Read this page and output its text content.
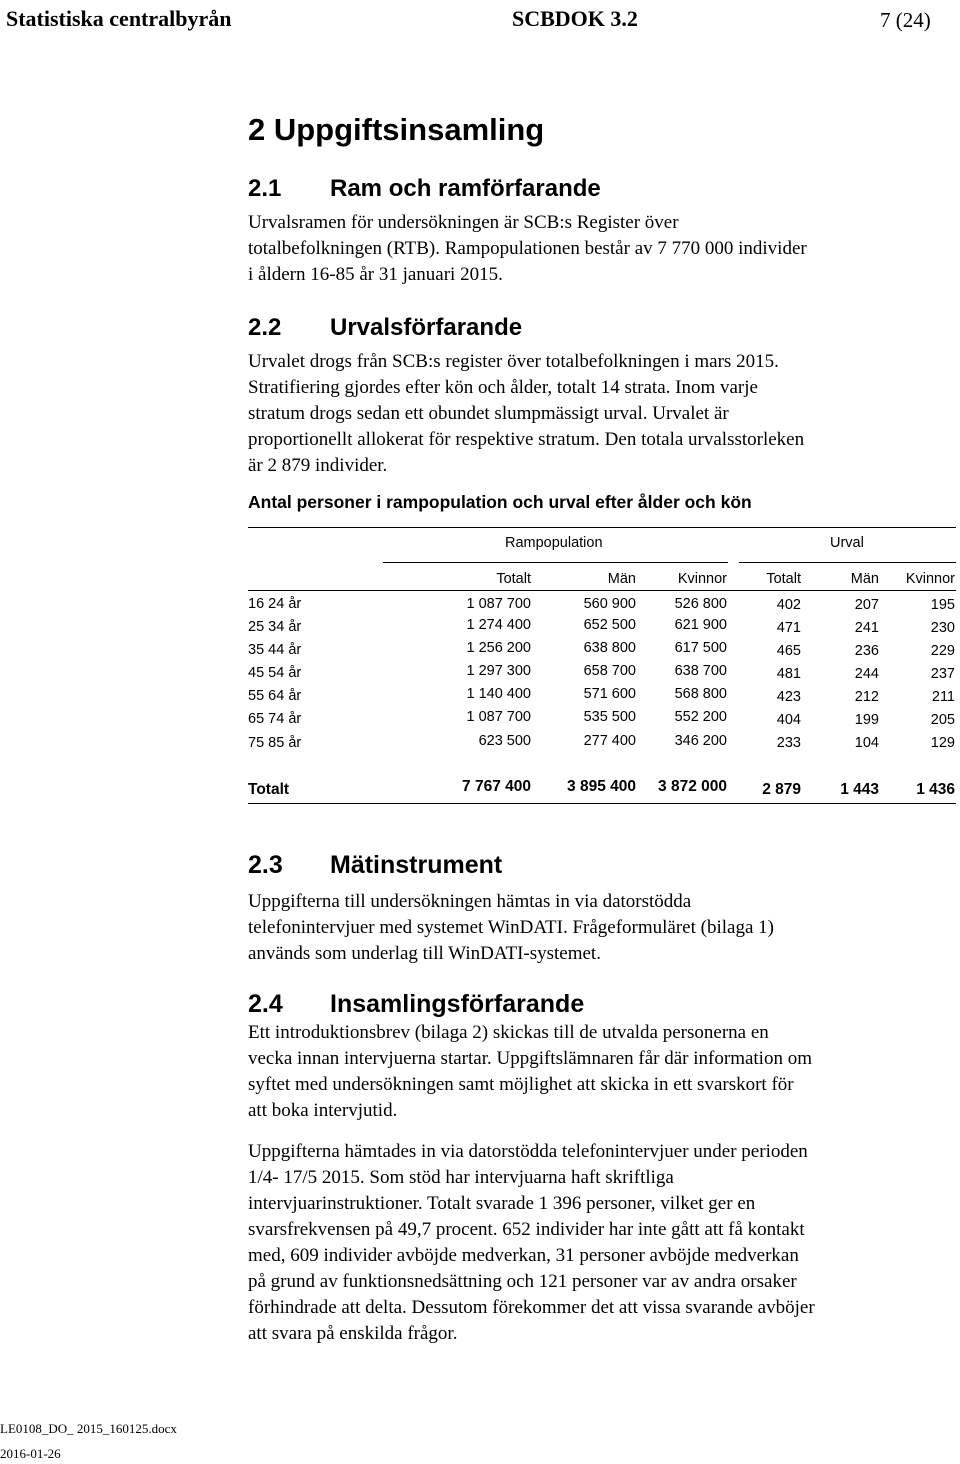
Statistiska centralbyrån	SCBDOK 3.2	7 (24)
2 Uppgiftsinsamling
2.1 Ram och ramförfarande
Urvalsramen för undersökningen är SCB:s Register över
totalbefolkningen (RTB). Rampopulationen består av 7 770 000 individer
i åldern 16-85 år 31 januari 2015.
2.2 Urvalsförfarande
Urvalet drogs från SCB:s register över totalbefolkningen i mars 2015.
Stratifiering gjordes efter kön och ålder, totalt 14 strata. Inom varje
stratum drogs sedan ett obundet slumpmässigt urval. Urvalet är
proportionellt allokerat för respektive stratum. Den totala urvalsstorleken
är 2 879 individer.
Antal personer i rampopulation och urval efter ålder och kön
Rampopulation	Urval
Totalt	Män	Kvinnor	Totalt	Män	Kvinnor
16 24 år	1 087 700	560 900	526 800	402	207	195
25 34 år	1 274 400	652 500	621 900	471	241	230
35 44 år	1 256 200	638 800	617 500	465	236	229
45 54 år	1 297 300	658 700	638 700	481	244	237
55 64 år	1 140 400	571 600	568 800	423	212	211
65 74 år	1 087 700	535 500	552 200	404	199	205
75 85 år	623 500	277 400	346 200	233	104	129
Totalt	7 767 400	3 895 400	3 872 000	2 879	1 443	1 436
2.3 Mätinstrument
Uppgifterna till undersökningen hämtas in via datorstödda
telefonintervjuer med systemet WinDATI. Frågeformuläret (bilaga 1)
används som underlag till WinDATI-systemet.
2.4 Insamlingsförfarande
Ett introduktionsbrev (bilaga 2) skickas till de utvalda personerna en
vecka innan intervjuerna startar. Uppgiftslämnaren får där information om
syftet med undersökningen samt möjlighet att skicka in ett svarskort för
att boka intervjutid.
Uppgifterna hämtades in via datorstödda telefonintervjuer under perioden
1/4- 17/5 2015. Som stöd har intervjuarna haft skriftliga
intervjuarinstruktioner. Totalt svarade 1 396 personer, vilket ger en
svarsfrekvensen på 49,7 procent. 652 individer har inte gått att få kontakt
med, 609 individer avböjde medverkan, 31 personer avböjde medverkan
på grund av funktionsnedsättning och 121 personer var av andra orsaker
förhindrade att delta. Dessutom förekommer det att vissa svarande avböjer
att svara på enskilda frågor.
LE0108_DO_ 2015_160125.docx
2016-01-26
